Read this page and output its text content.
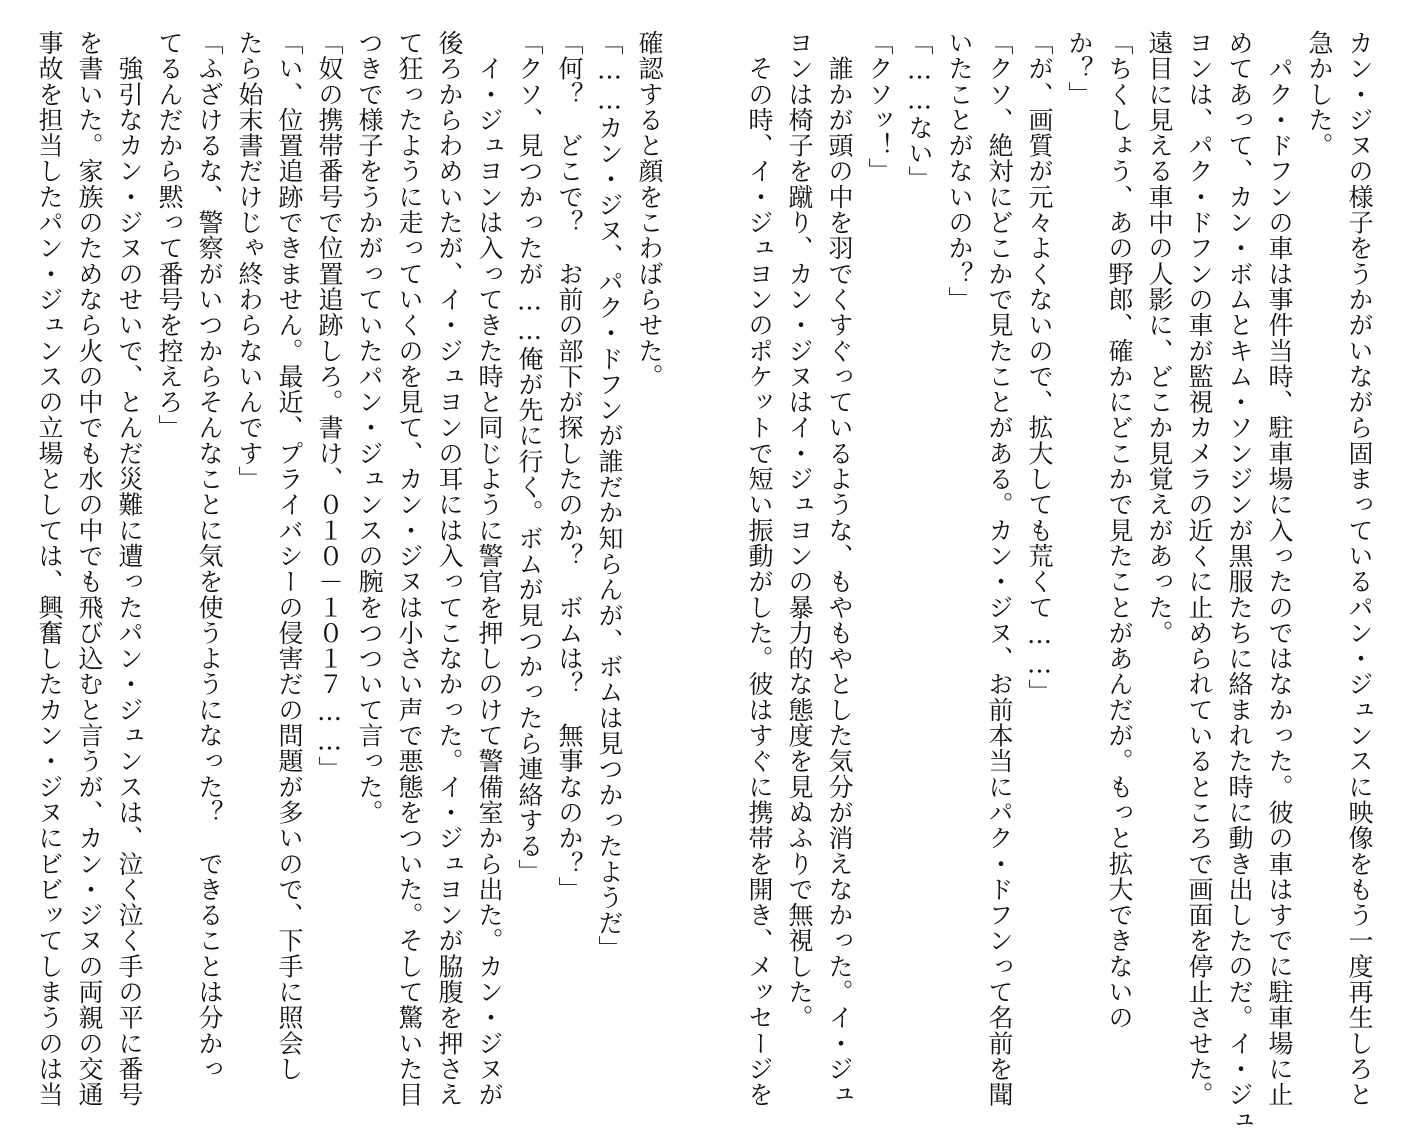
カン・ジヌの様子をうかがいながら固まっているパン・ジュンスに映像をもう一度再生しろと
急かした。
　パク・ドフンの車は事件当時、駐車場に入ったのではなかった。彼の車はすでに駐車場に止
めてあって、カン・ボムとキム・ソンジンが黒服たちに絡まれた時に動き出したのだ。イ・ジュ
ヨンは、パク・ドフンの車が監視カメラの近くに止められているところで画面を停止させた。
遠目に見える車中の人影に、どこか見覚えがあった。
「ちくしょう、あの野郎、確かにどこかで見たことがあんだが。もっと拡大できないの
か？」
「が、画質が元々よくないので、拡大しても荒くて……」
「クソ、絶対にどこかで見たことがある。カン・ジヌ、お前本当にパク・ドフンって名前を聞
いたことがないのか？」
「……ない」
「クソッ！」
　誰かが頭の中を羽でくすぐっているような、もやもやとした気分が消えなかった。イ・ジュ
ヨンは椅子を蹴り、カン・ジヌはイ・ジュヨンの暴力的な態度を見ぬふりで無視した。
　その時、イ・ジュヨンのポケットで短い振動がした。彼はすぐに携帯を開き、メッセージを
確認すると顔をこわばらせた。
「……カン・ジヌ、パク・ドフンが誰だか知らんが、ボムは見つかったようだ」
「何？　どこで？　お前の部下が探したのか？　ボムは？　無事なのか？」
「クソ、見つかったが……俺が先に行く。ボムが見つかったら連絡する」
　イ・ジュヨンは入ってきた時と同じように警官を押しのけて警備室から出た。カン・ジヌが
後ろからわめいたが、イ・ジュヨンの耳には入ってこなかった。イ・ジュヨンが脇腹を押さえ
て狂ったように走っていくのを見て、カン・ジヌは小さい声で悪態をついた。そして驚いた目
つきで様子をうかがっていたパン・ジュンスの腕をつついて言った。
「奴の携帯番号で位置追跡しろ。書け、０１０－１０１７……」
「い、位置追跡できません。最近、プライバシーの侵害だの問題が多いので、下手に照会し
たら始末書だけじゃ終わらないんです」
「ふざけるな、警察がいつからそんなことに気を使うようになった？　できることは分かっ
てるんだから黙って番号を控えろ」
　強引なカン・ジヌのせいで、とんだ災難に遭ったパン・ジュンスは、泣く泣く手の平に番号
を書いた。家族のためなら火の中でも水の中でも飛び込むと言うが、カン・ジヌの両親の交通
事故を担当したパン・ジュンスの立場としては、興奮したカン・ジヌにビビッてしまうのは当
